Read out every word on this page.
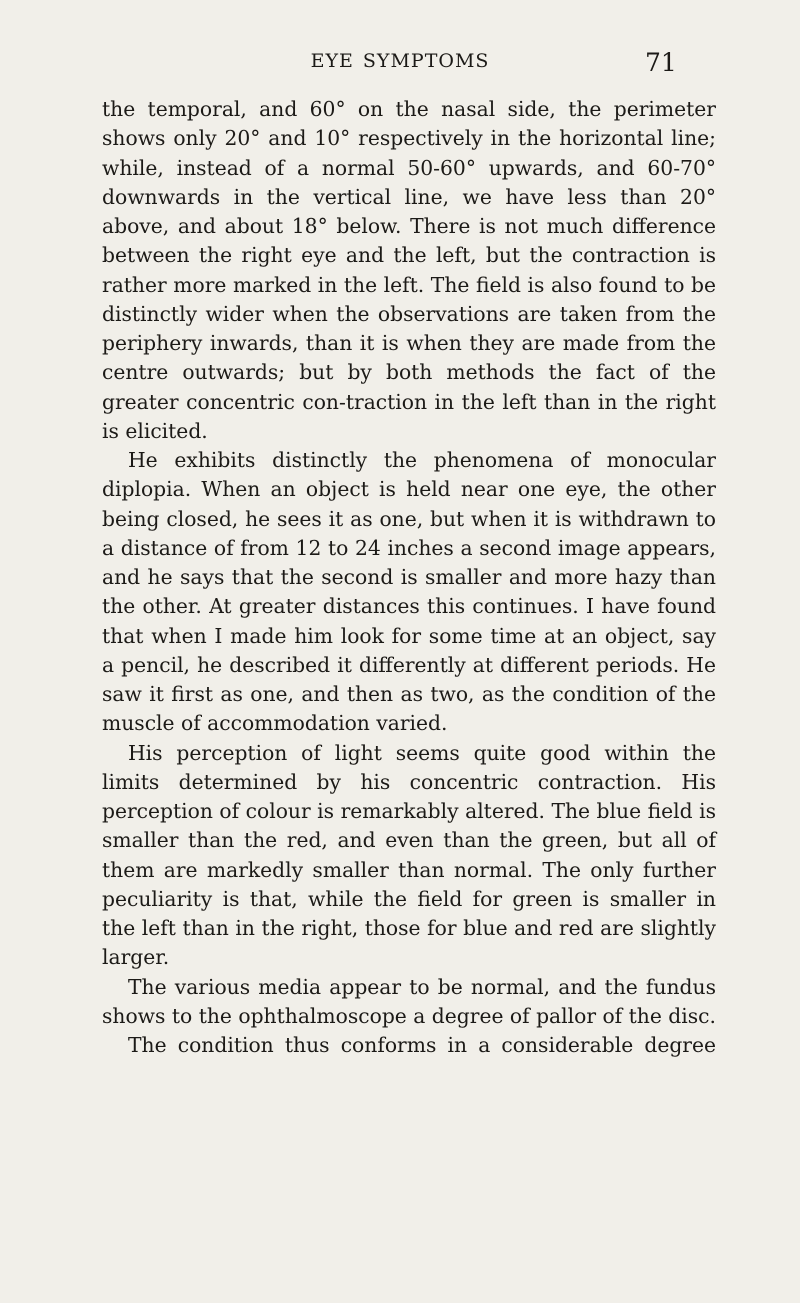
EYE SYMPTOMS	71

the temporal, and 60° on the nasal side, the perimeter shows only 20° and 10° respectively in the horizontal line; while, instead of a normal 50-60° upwards, and 60-70° downwards in the vertical line, we have less than 20° above, and about 18° below. There is not much difference between the right eye and the left, but the contraction is rather more marked in the left. The field is also found to be distinctly wider when the observations are taken from the periphery inwards, than it is when they are made from the centre outwards; but by both methods the fact of the greater concentric con-traction in the left than in the right is elicited.

He exhibits distinctly the phenomena of monocular diplopia. When an object is held near one eye, the other being closed, he sees it as one, but when it is withdrawn to a distance of from 12 to 24 inches a second image appears, and he says that the second is smaller and more hazy than the other. At greater distances this continues. I have found that when I made him look for some time at an object, say a pencil, he described it differently at different periods. He saw it first as one, and then as two, as the condition of the muscle of accommodation varied.

His perception of light seems quite good within the limits determined by his concentric contraction. His perception of colour is remarkably altered. The blue field is smaller than the red, and even than the green, but all of them are markedly smaller than normal. The only further peculiarity is that, while the field for green is smaller in the left than in the right, those for blue and red are slightly larger.

The various media appear to be normal, and the fundus shows to the ophthalmoscope a degree of pallor of the disc.

The condition thus conforms in a considerable degree
